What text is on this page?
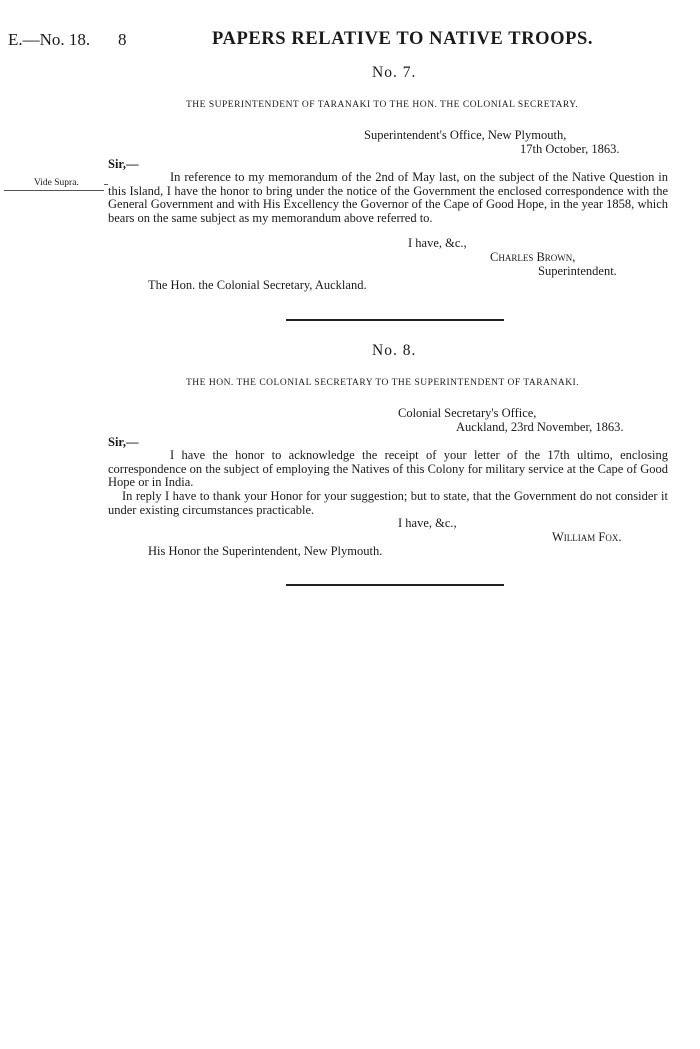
E.—No. 18. 8	PAPERS RELATIVE TO NATIVE TROOPS.
No. 7.
THE SUPERINTENDENT OF TARANAKI TO THE HON. THE COLONIAL SECRETARY.
Superintendent's Office, New Plymouth,
17th October, 1863.
Sir,—
Vide Supra.	In reference to my memorandum of the 2nd of May last, on the subject of the Native Question in this Island, I have the honor to bring under the notice of the Government the enclosed correspondence with the General Government and with His Excellency the Governor of the Cape of Good Hope, in the year 1858, which bears on the same subject as my memorandum above referred to.
I have, &c.,
Charles Brown,
Superintendent.
The Hon. the Colonial Secretary, Auckland.
No. 8.
THE HON. THE COLONIAL SECRETARY TO THE SUPERINTENDENT OF TARANAKI.
Colonial Secretary's Office,
Auckland, 23rd November, 1863.
Sir,—
I have the honor to acknowledge the receipt of your letter of the 17th ultimo, enclosing correspondence on the subject of employing the Natives of this Colony for military service at the Cape of Good Hope or in India.
In reply I have to thank your Honor for your suggestion; but to state, that the Government do not consider it under existing circumstances practicable.
I have, &c.,
William Fox.
His Honor the Superintendent, New Plymouth.
